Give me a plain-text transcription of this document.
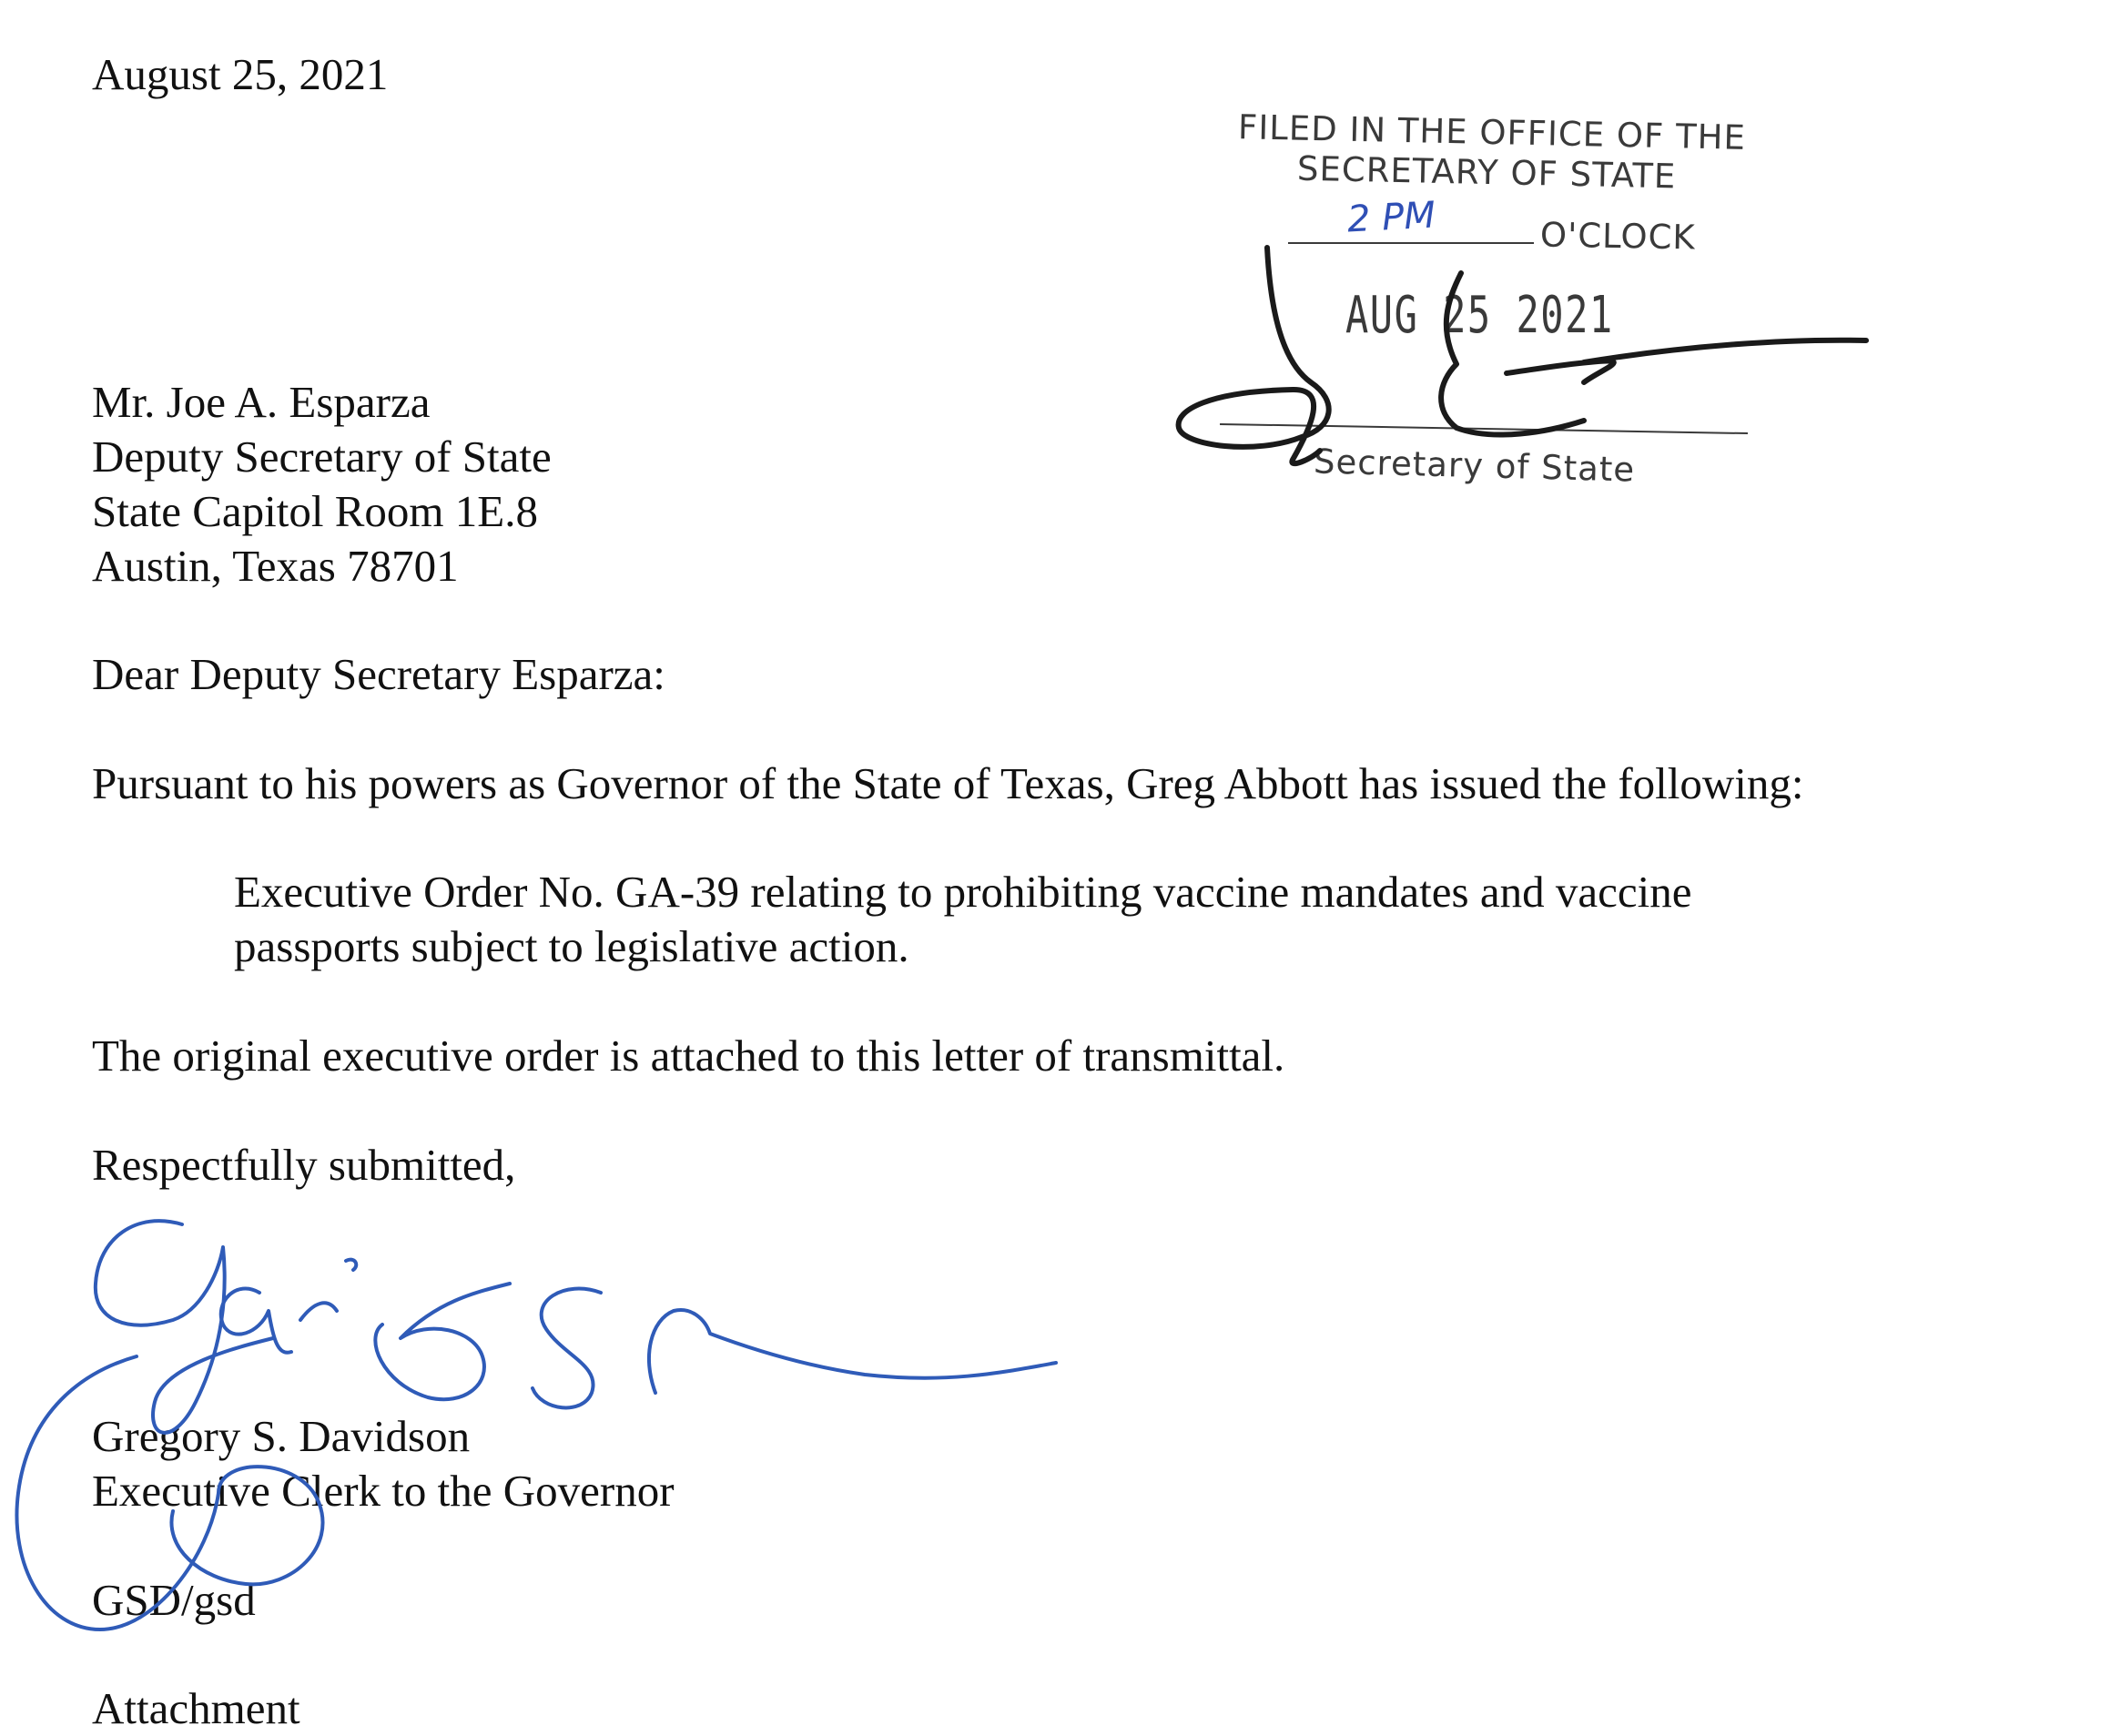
August 25, 2021
Mr. Joe A. Esparza
Deputy Secretary of State
State Capitol Room 1E.8
Austin, Texas 78701
Dear Deputy Secretary Esparza:
Pursuant to his powers as Governor of the State of Texas, Greg Abbott has issued the following:
Executive Order No. GA-39 relating to prohibiting vaccine mandates and vaccine
passports subject to legislative action.
The original executive order is attached to this letter of transmittal.
Respectfully submitted,
Gregory S. Davidson
Executive Clerk to the Governor
GSD/gsd
Attachment
FILED IN THE OFFICE OF THE
SECRETARY OF STATE
2 PM	O'CLOCK
AUG 25 2021
Secretary of State
